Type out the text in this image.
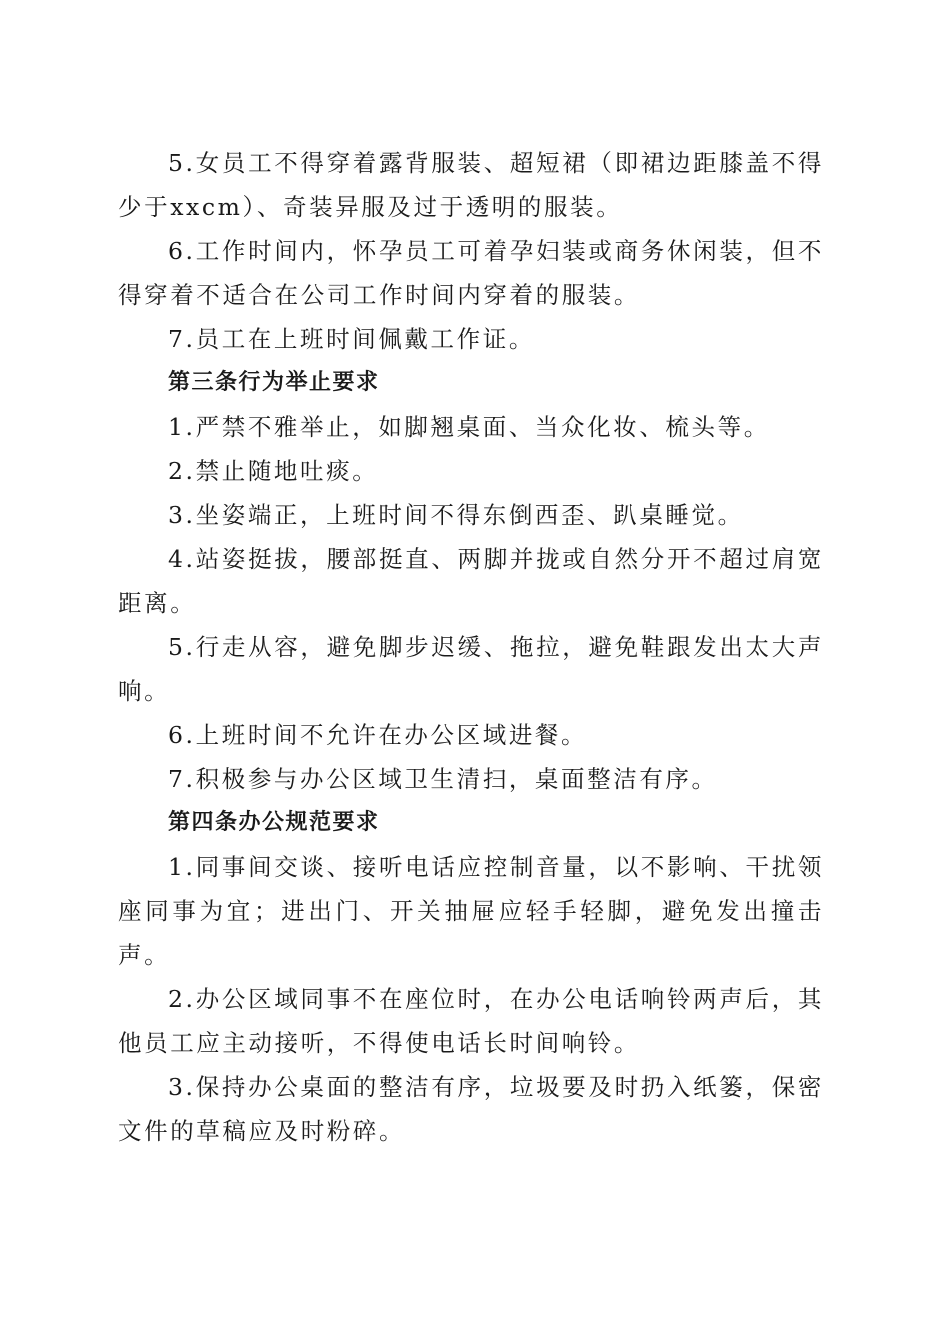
5.女员工不得穿着露背服装、超短裙（即裙边距膝盖不得少于xxcm）、奇装异服及过于透明的服装。

6.工作时间内，怀孕员工可着孕妇装或商务休闲装，但不得穿着不适合在公司工作时间内穿着的服装。

7.员工在上班时间佩戴工作证。

第三条行为举止要求

1.严禁不雅举止，如脚翘桌面、当众化妆、梳头等。

2.禁止随地吐痰。

3.坐姿端正，上班时间不得东倒西歪、趴桌睡觉。

4.站姿挺拔，腰部挺直、两脚并拢或自然分开不超过肩宽距离。

5.行走从容，避免脚步迟缓、拖拉，避免鞋跟发出太大声响。

6.上班时间不允许在办公区域进餐。

7.积极参与办公区域卫生清扫，桌面整洁有序。

第四条办公规范要求

1.同事间交谈、接听电话应控制音量，以不影响、干扰领座同事为宜；进出门、开关抽屉应轻手轻脚，避免发出撞击声。

2.办公区域同事不在座位时，在办公电话响铃两声后，其他员工应主动接听，不得使电话长时间响铃。

3.保持办公桌面的整洁有序，垃圾要及时扔入纸篓，保密文件的草稿应及时粉碎。
